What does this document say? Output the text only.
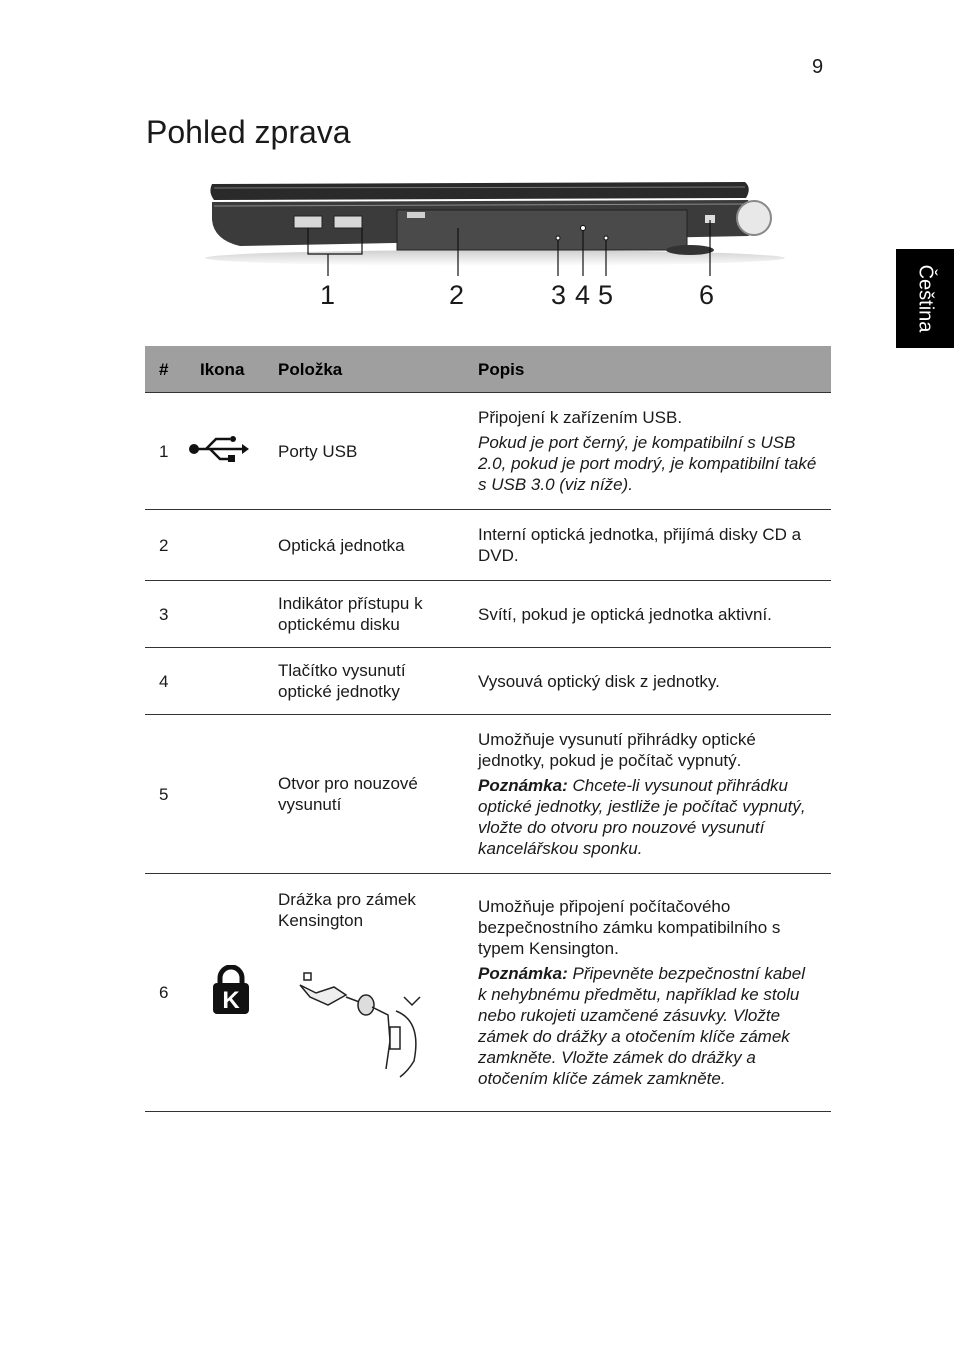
9
Pohled zprava
Čeština
1	2	3 4 5	6
#	Ikona	Položka	Popis
1		Porty USB	Připojení k zařízením USB.

Pokud je port černý, je kompatibilní s USB 2.0, pokud je port modrý, je kompatibilní také s USB 3.0 (viz níže).

2		Optická jednotka	Interní optická jednotka, přijímá disky CD a DVD.

3		Indikátor přístupu k optickému disku	Svítí, pokud je optická jednotka aktivní.

4		Tlačítko vysunutí optické jednotky	Vysouvá optický disk z jednotky.

5		Otvor pro nouzové vysunutí	Umožňuje vysunutí přihrádky optické jednotky, pokud je počítač vypnutý.

Poznámka: Chcete-li vysunout přihrádku optické jednotky, jestliže je počítač vypnutý, vložte do otvoru pro nouzové vysunutí kancelářskou sponku.

6	K	Drážka pro zámek Kensington	Umožňuje připojení počítačového bezpečnostního zámku kompatibilního s typem Kensington.

Poznámka: Připevněte bezpečnostní kabel k nehybnému předmětu, například ke stolu nebo rukojeti uzamčené zásuvky. Vložte zámek do drážky a otočením klíče zámek zamkněte. Vložte zámek do drážky a otočením klíče zámek zamkněte.
